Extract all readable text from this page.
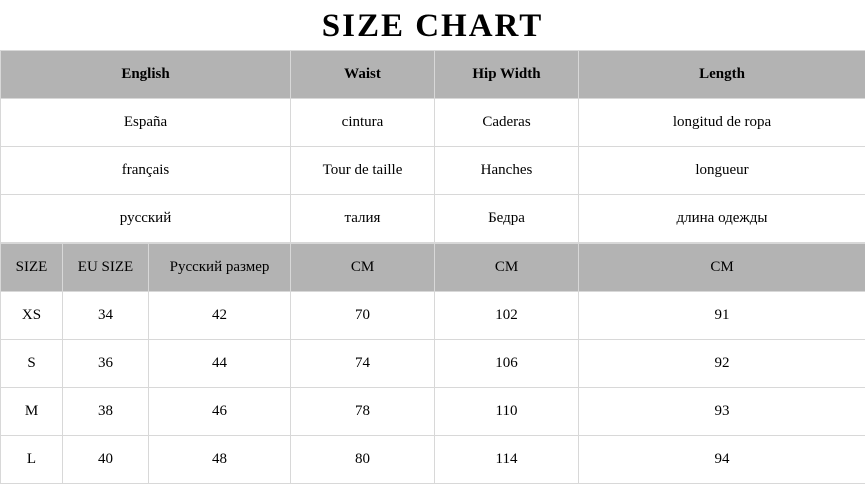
SIZE CHART
English	Waist	Hip Width	Length
España	cintura	Caderas	longitud de ropa
français	Tour de taille	Hanches	longueur
русский	талия	Бедра	длина одежды
SIZE	EU SIZE	Русский размер	CM	CM	CM
XS	34	42	70	102	91
S	36	44	74	106	92
M	38	46	78	110	93
L	40	48	80	114	94
